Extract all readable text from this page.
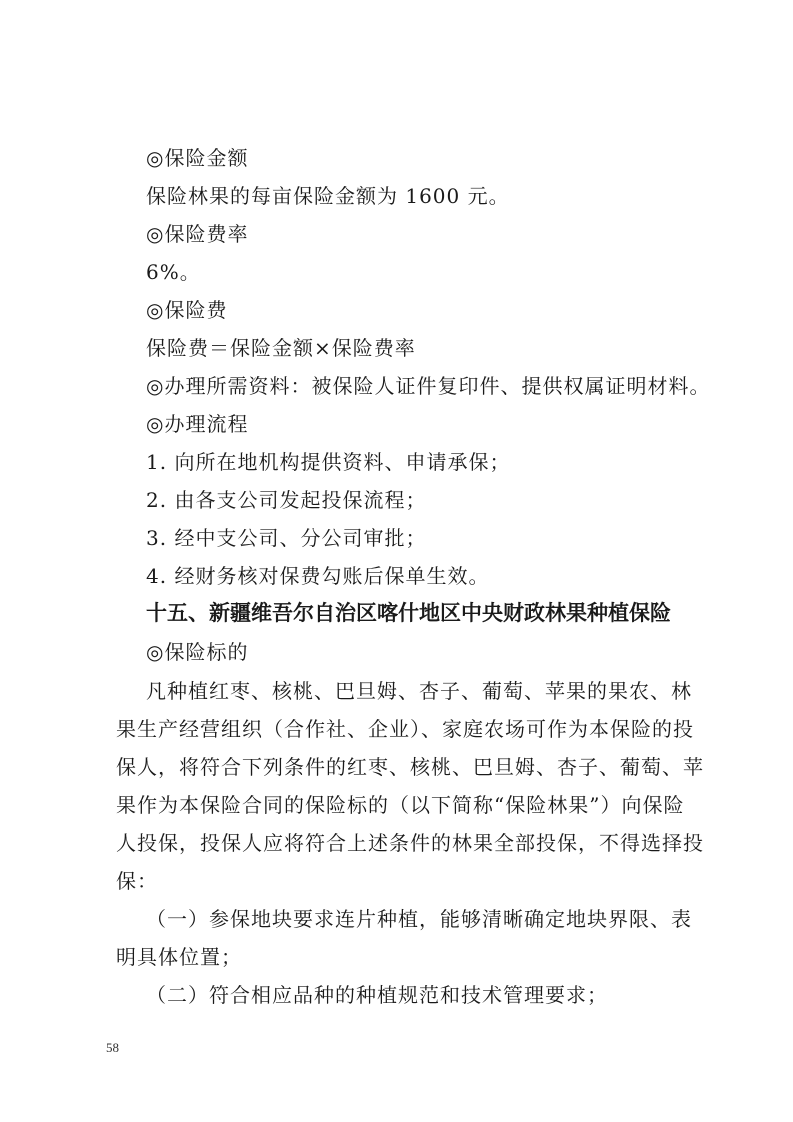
◎保险金额
保险林果的每亩保险金额为 1600 元。
◎保险费率
6%。
◎保险费
保险费＝保险金额×保险费率
◎办理所需资料：被保险人证件复印件、提供权属证明材料。
◎办理流程
1. 向所在地机构提供资料、申请承保；
2. 由各支公司发起投保流程；
3. 经中支公司、分公司审批；
4. 经财务核对保费勾账后保单生效。
十五、新疆维吾尔自治区喀什地区中央财政林果种植保险
◎保险标的
凡种植红枣、核桃、巴旦姆、杏子、葡萄、苹果的果农、林
果生产经营组织（合作社、企业）、家庭农场可作为本保险的投
保人，将符合下列条件的红枣、核桃、巴旦姆、杏子、葡萄、苹
果作为本保险合同的保险标的（以下简称“保险林果”）向保险
人投保，投保人应将符合上述条件的林果全部投保，不得选择投
保：
（一）参保地块要求连片种植，能够清晰确定地块界限、表
明具体位置；
（二）符合相应品种的种植规范和技术管理要求；
58
